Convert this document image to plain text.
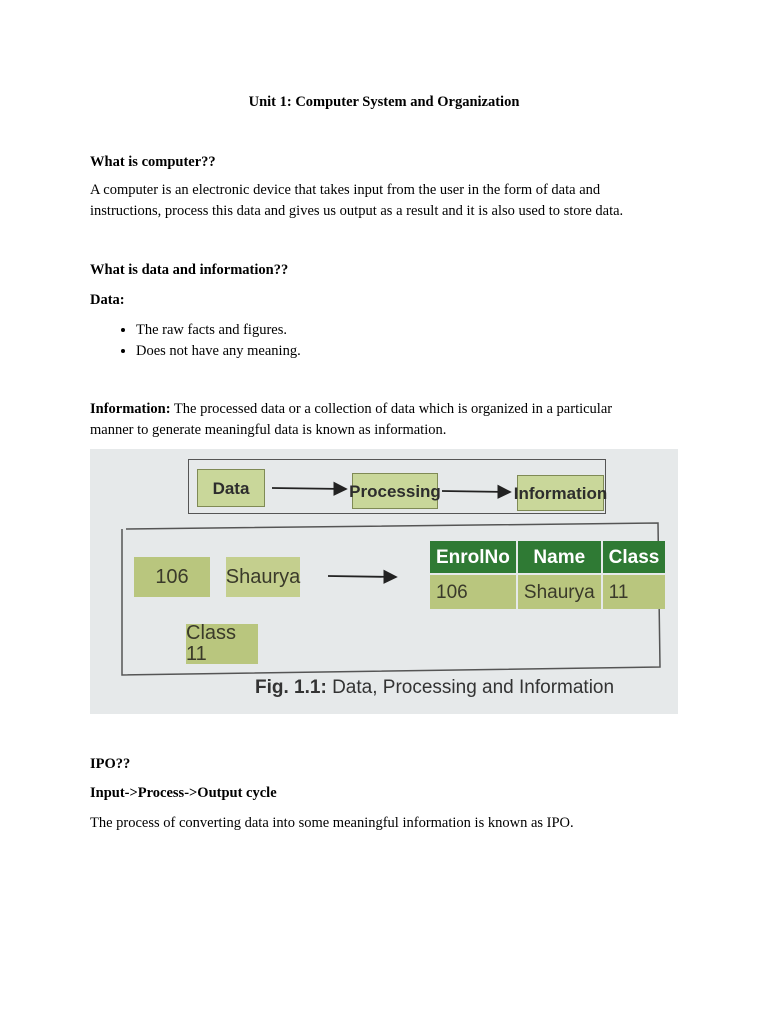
Unit 1: Computer System and Organization
What is computer??
A computer is an electronic device that takes input from the user in the form of data and
instructions, process this data and gives us output as a result and it is also used to store data.
What is data and information??
Data:
• The raw facts and figures.
• Does not have any meaning.
Information: The processed data or a collection of data which is organized in a particular
manner to generate meaningful data is known as information.
Data	Processing	Information
106	Shaurya
Class 11
EnrolNo	Name	Class
106	Shaurya	11
Fig. 1.1: Data, Processing and Information
IPO??
Input->Process->Output cycle
The process of converting data into some meaningful information is known as IPO.
